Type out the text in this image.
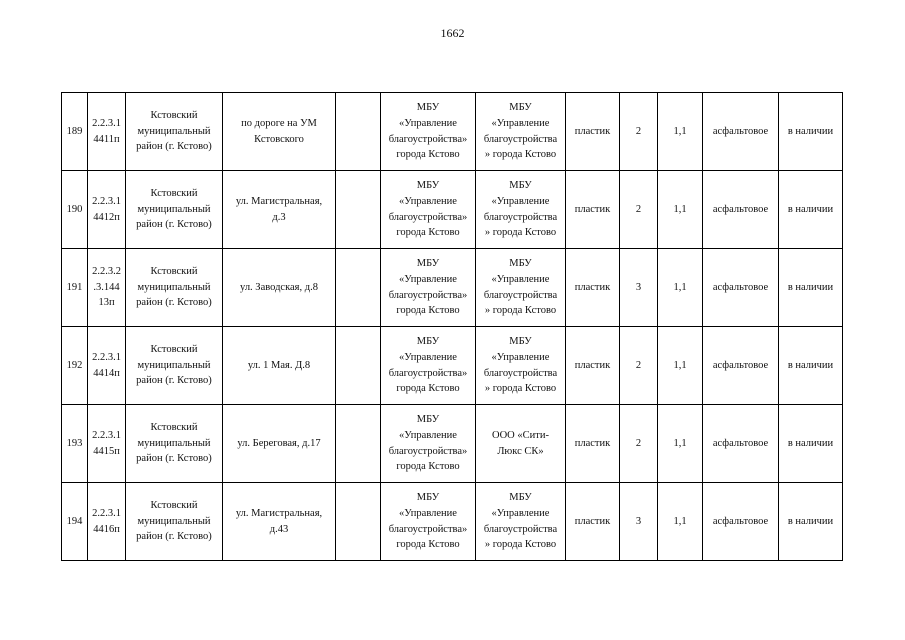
1662
189	2.2.3.1
4411п	Кстовский
муниципальный
район (г. Кстово)	по дороге на УМ
Кстовского		МБУ
«Управление
благоустройства»
города Кстово	МБУ
«Управление
благоустройства
» города Кстово	пластик	2	1,1	асфальтовое	в наличии
190	2.2.3.1
4412п	Кстовский
муниципальный
район (г. Кстово)	ул. Магистральная,
д.3		МБУ
«Управление
благоустройства»
города Кстово	МБУ
«Управление
благоустройства
» города Кстово	пластик	2	1,1	асфальтовое	в наличии
191	2.2.3.2
.3.144
13п	Кстовский
муниципальный
район (г. Кстово)	ул. Заводская, д.8		МБУ
«Управление
благоустройства»
города Кстово	МБУ
«Управление
благоустройства
» города Кстово	пластик	3	1,1	асфальтовое	в наличии
192	2.2.3.1
4414п	Кстовский
муниципальный
район (г. Кстово)	ул. 1 Мая. Д.8		МБУ
«Управление
благоустройства»
города Кстово	МБУ
«Управление
благоустройства
» города Кстово	пластик	2	1,1	асфальтовое	в наличии
193	2.2.3.1
4415п	Кстовский
муниципальный
район (г. Кстово)	ул. Береговая, д.17		МБУ
«Управление
благоустройства»
города Кстово	ООО «Сити-
Люкс СК»	пластик	2	1,1	асфальтовое	в наличии
194	2.2.3.1
4416п	Кстовский
муниципальный
район (г. Кстово)	ул. Магистральная,
д.43		МБУ
«Управление
благоустройства»
города Кстово	МБУ
«Управление
благоустройства
» города Кстово	пластик	3	1,1	асфальтовое	в наличии
